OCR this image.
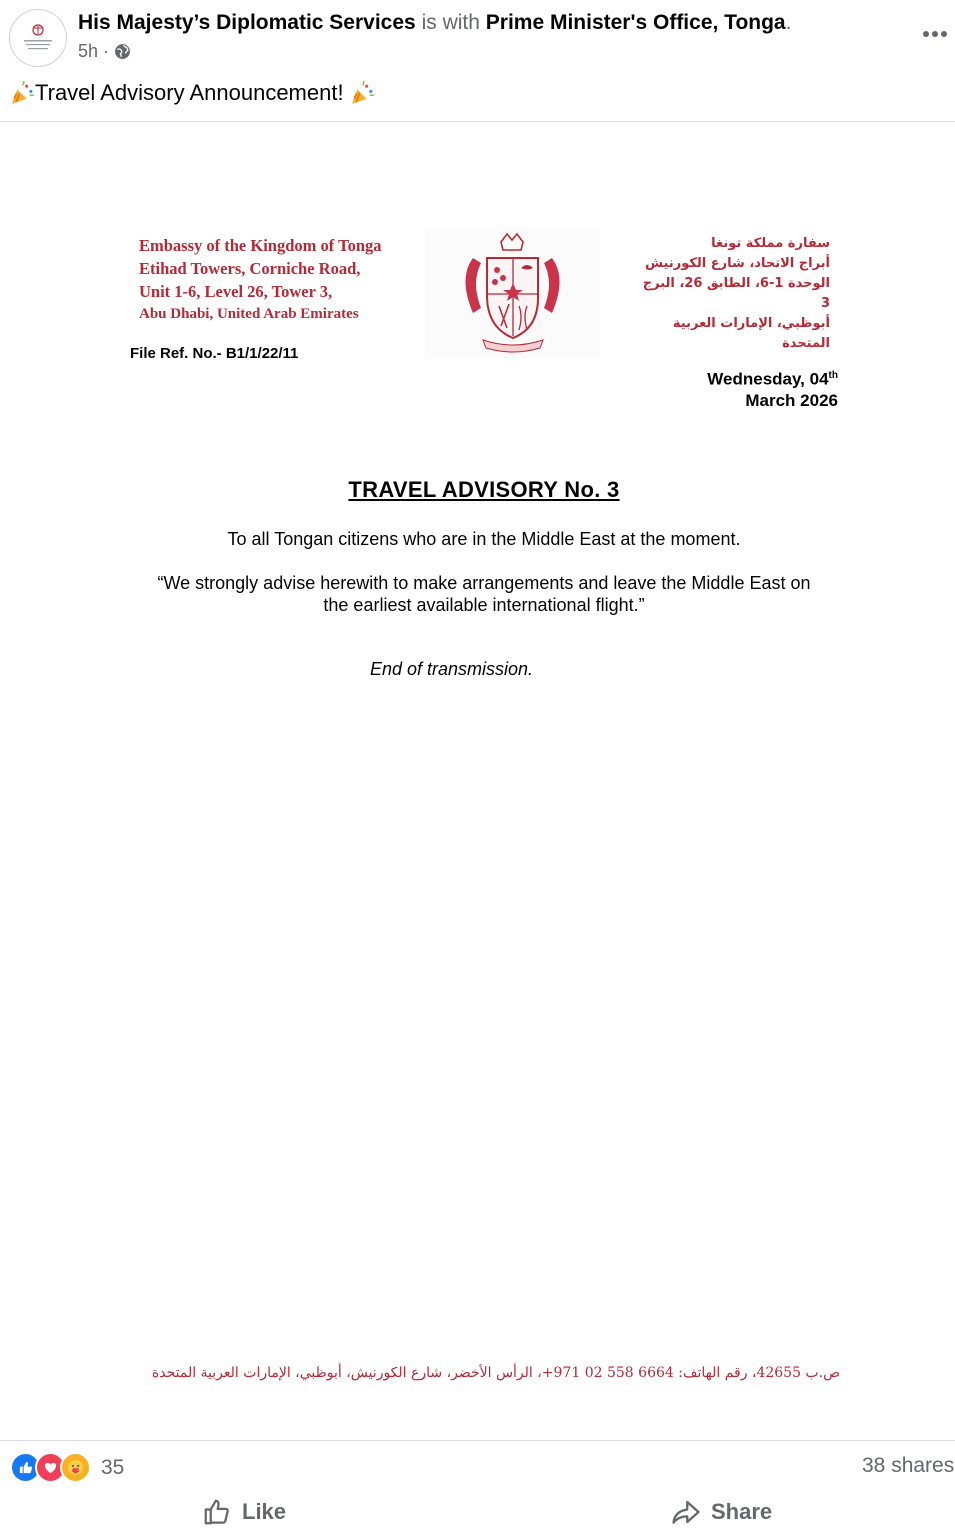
His Majesty’s Diplomatic Services is with Prime Minister's Office, Tonga.
5h ·
Travel Advisory Announcement!
Embassy of the Kingdom of Tonga
Etihad Towers, Corniche Road,
Unit 1-6, Level 26, Tower 3,
Abu Dhabi, United Arab Emirates
سفارة مملكة تونغا
أبراج الاتحاد، شارع الكورنيش
الوحدة 1-6، الطابق 26، البرج 3
أبوظبي، الإمارات العربية المتحدة
File Ref. No.- B1/1/22/11
Wednesday, 04th
March 2026
TRAVEL ADVISORY No. 3
To all Tongan citizens who are in the Middle East at the moment.
“We strongly advise herewith to make arrangements and leave the Middle East on
the earliest available international flight.”
End of transmission.
ص.ب 42655، رقم الهاتف: 6664 558 02 971+، الرأس الأخضر، شارع الكورنيش، أبوظبي، الإمارات العربية المتحدة
35	38 shares
Like	Share
